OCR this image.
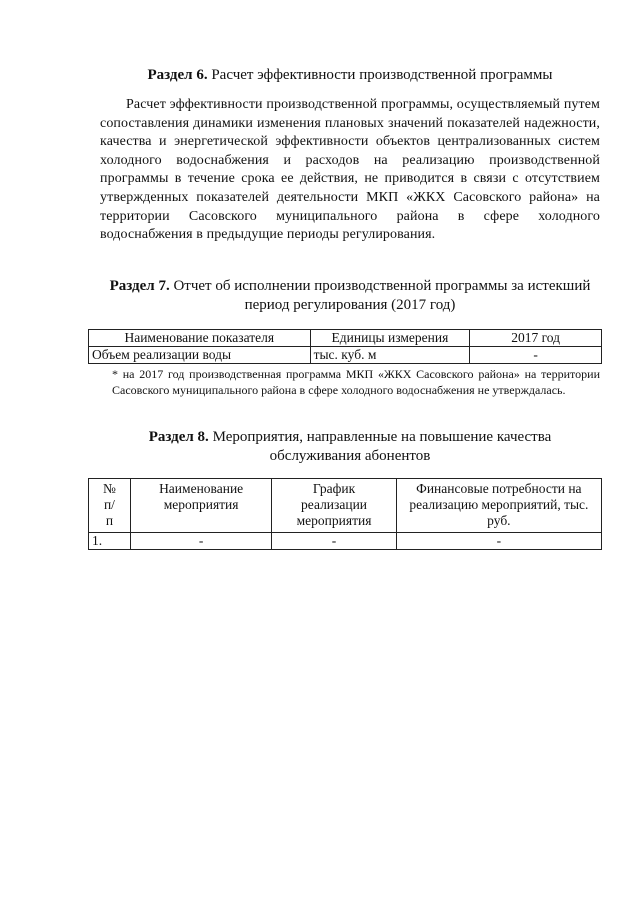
Раздел 6. Расчет эффективности производственной программы
Расчет эффективности производственной программы, осуществляемый путем сопоставления динамики изменения плановых значений показателей надежности, качества и энергетической эффективности объектов централизованных систем холодного водоснабжения и расходов на реализацию производственной программы в течение срока ее действия, не приводится в связи с отсутствием утвержденных показателей деятельности МКП «ЖКХ Сасовского района» на территории Сасовского муниципального района в сфере холодного водоснабжения в предыдущие периоды регулирования.
Раздел 7. Отчет об исполнении производственной программы за истекший
период регулирования (2017 год)
Наименование показателя	Единицы измерения	2017 год
Объем реализации воды	тыс. куб. м	-
* на 2017 год производственная программа МКП «ЖКХ Сасовского района» на территории Сасовского муниципального района в сфере холодного водоснабжения не утверждалась.
Раздел 8. Мероприятия, направленные на повышение качества
обслуживания абонентов
№ п/п	Наименование мероприятия	График реализации мероприятия	Финансовые потребности на реализацию мероприятий, тыс. руб.
1.	-	-	-
